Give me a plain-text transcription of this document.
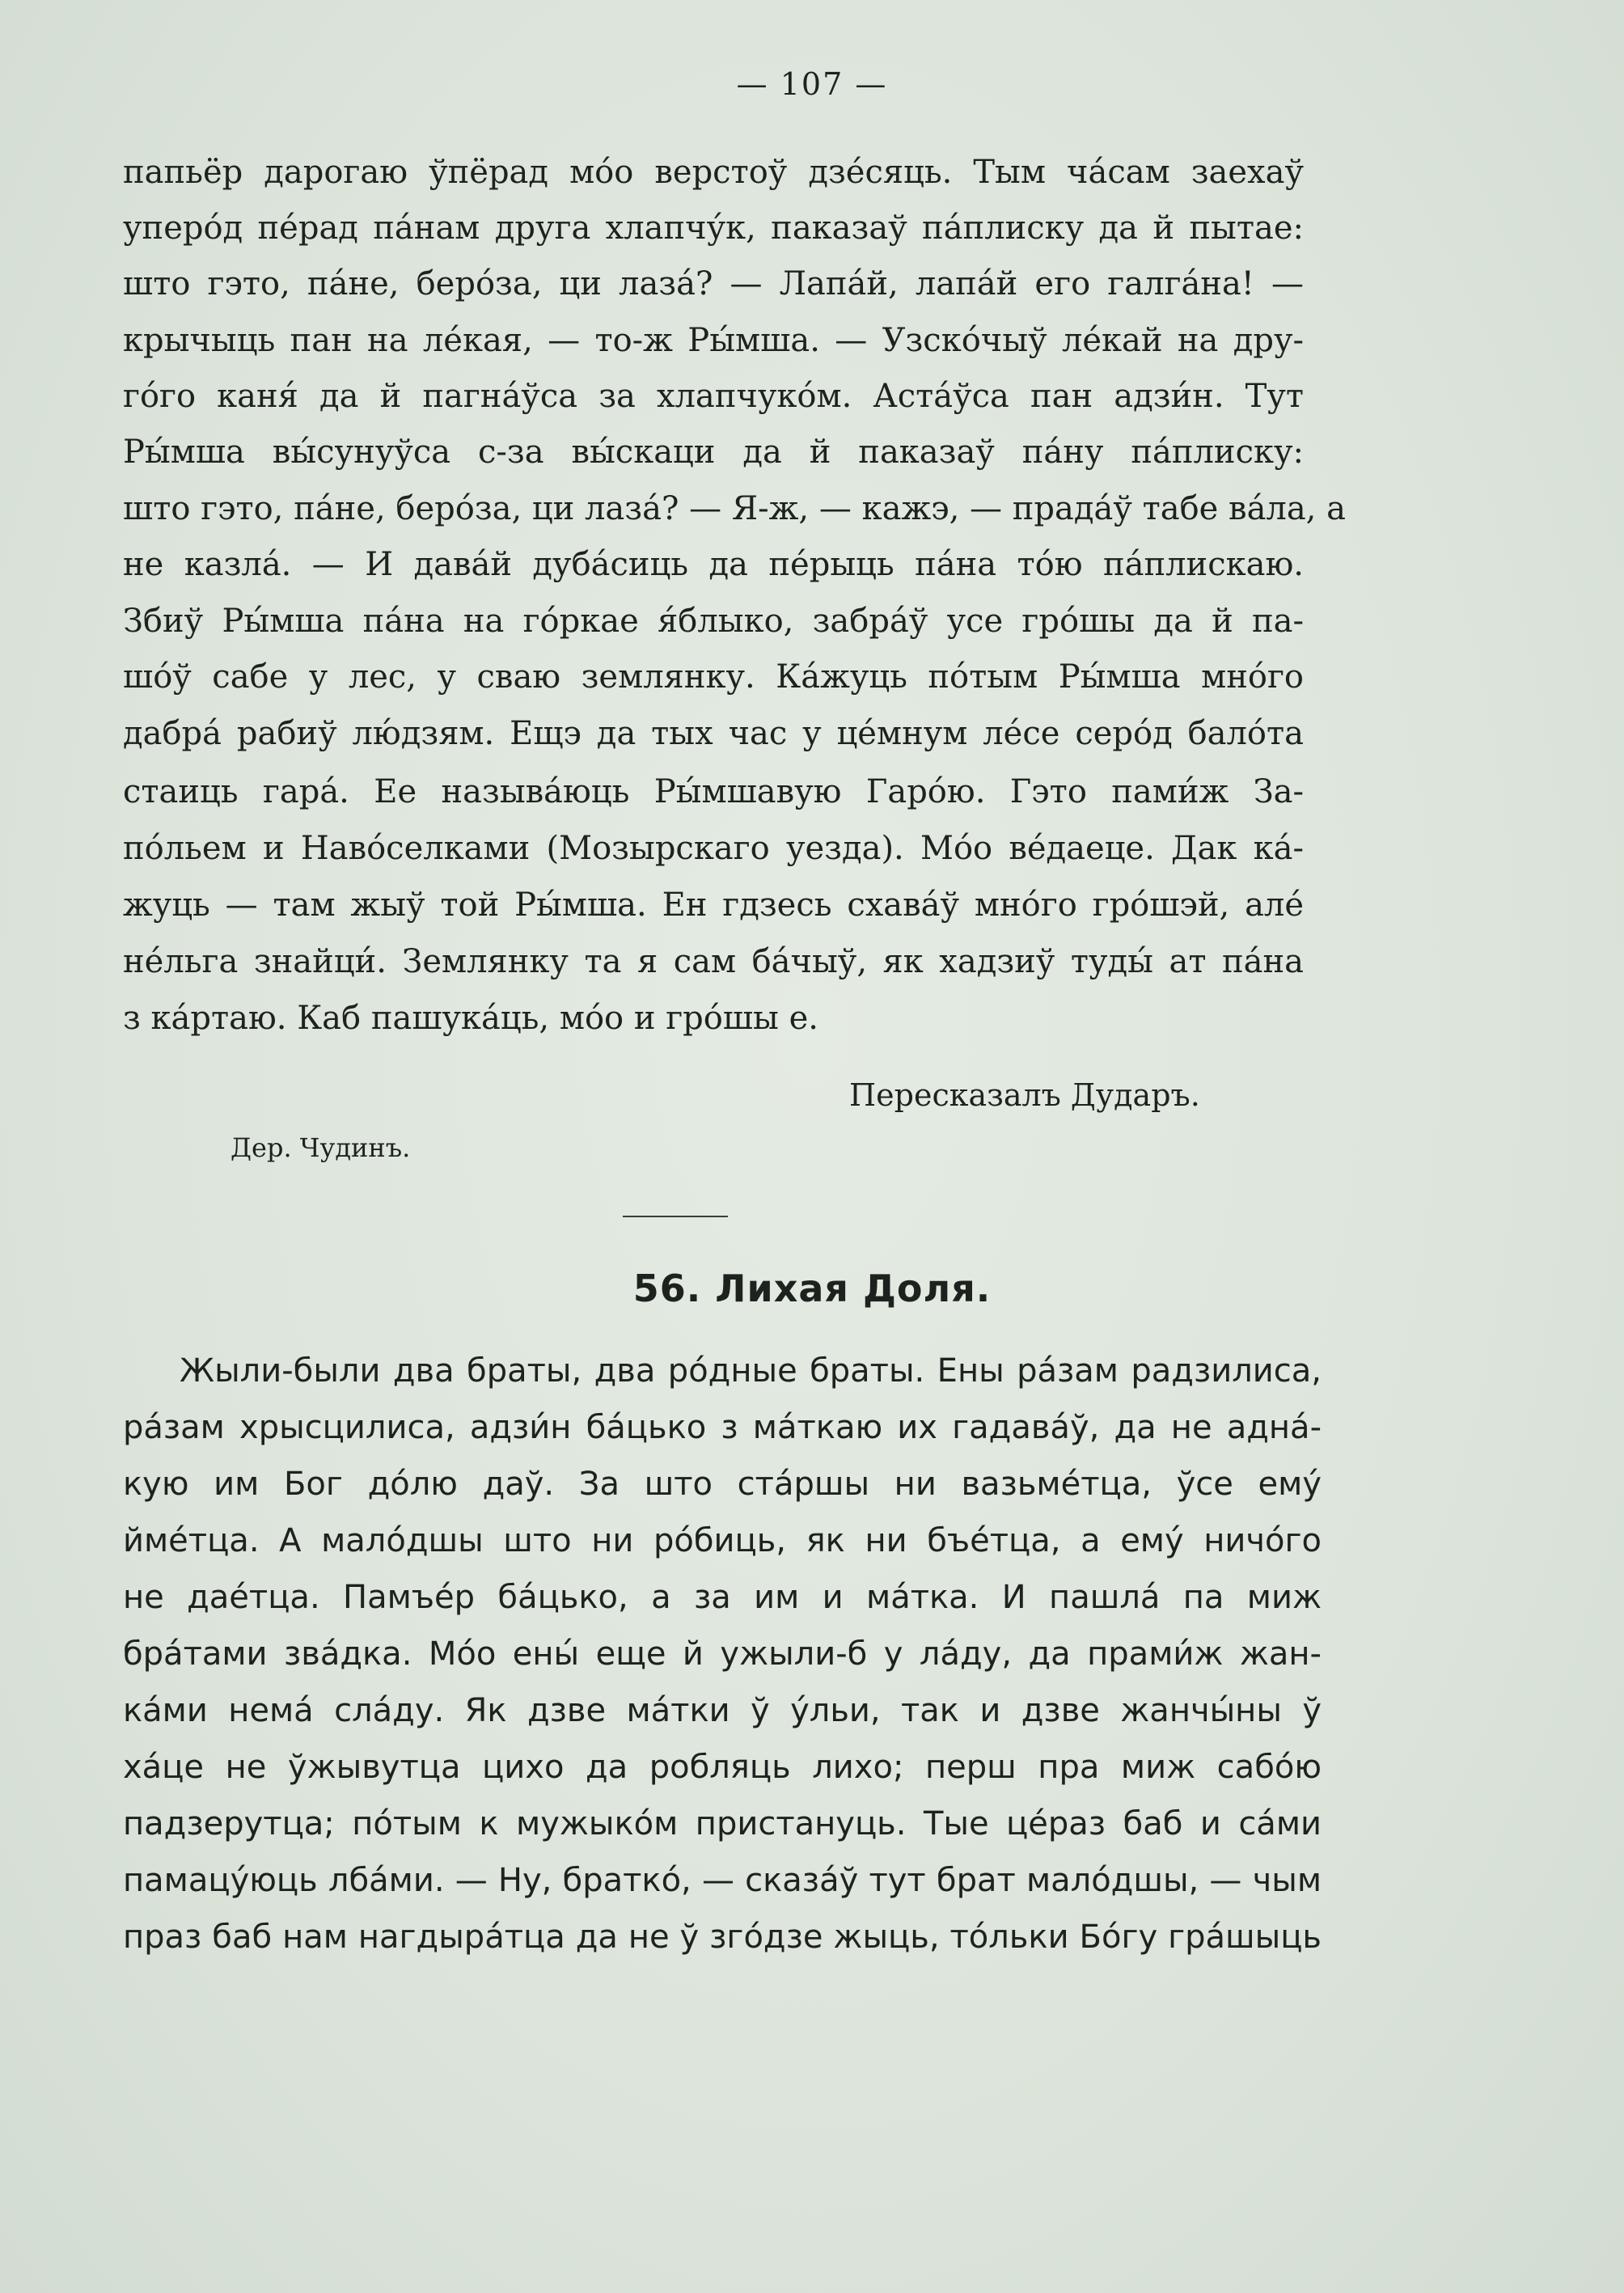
— 107 —
папьёр дарогаю ўпёрад мо́о верстоў дзе́сяць. Тым ча́сам заехаў
уперо́д пе́рад па́нам друга хлапчу́к, паказаў па́плиску да й пытае:
што гэто, па́не, беро́за, ци лаза́? — Лапа́й, лапа́й его галга́на! —
крычыць пан на ле́кая, — то-ж Ры́мша. — Узско́чыў ле́кай на дру-
го́го каня́ да й пагна́ўса за хлапчуко́м. Аста́ўса пан адзи́н. Тут
Ры́мша вы́сунуўса с-за вы́скаци да й паказаў па́ну па́плиску:
што гэто, па́не, беро́за, ци лаза́? — Я-ж, — кажэ, — прада́ў табе ва́ла, а
не казла́. — И дава́й дуба́сиць да пе́рыць па́на то́ю па́плискаю.
Збиў Ры́мша па́на на го́ркае я́блыко, забра́ў усе гро́шы да й па-
шо́ў сабе у лес, у сваю землянку. Ка́жуць по́тым Ры́мша мно́го
дабра́ рабиў лю́дзям. Ещэ да тых час у це́мнум ле́се серо́д бало́та
стаиць гара́. Ее называ́юць Ры́мшавую Гаро́ю. Гэто пами́ж За-
по́льем и Наво́селками (Мозырскаго уезда). Мо́о ве́даеце. Дак ка́-
жуць — там жыў той Ры́мша. Ен гдзесь схава́ў мно́го гро́шэй, але́
не́льга знайци́. Землянку та я сам ба́чыў, як хадзиў туды́ ат па́на
з ка́ртаю. Каб пашука́ць, мо́о и гро́шы е.
Пересказалъ Дударъ.
Дер. Чудинъ.
56. Лихая Доля.
Жыли-были два браты, два ро́дные браты. Ены ра́зам радзилиса,
ра́зам хрысцилиса, адзи́н ба́цько з ма́ткаю их гадава́ў, да не адна́-
кую им Бог до́лю даў. За што ста́ршы ни вазьме́тца, ўсе ему́
йме́тца. А мало́дшы што ни ро́биць, як ни бъе́тца, а ему́ ничо́го
не дае́тца. Памъе́р ба́цько, а за им и ма́тка. И пашла́ па миж
бра́тами зва́дка. Мо́о ены́ еще й ужыли-б у ла́ду, да прами́ж жан-
ка́ми нема́ сла́ду. Як дзве ма́тки ў у́льи, так и дзве жанчы́ны ў
ха́це не ўжывутца цихо да робляць лихо; перш пра миж сабо́ю
падзерутца; по́тым к мужыко́м пристануць. Тые це́раз баб и са́ми
памацу́юць лба́ми. — Ну, братко́, — сказа́ў тут брат мало́дшы, — чым
праз баб нам нагдыра́тца да не ў зго́дзе жыць, то́льки Бо́гу гра́шыць
